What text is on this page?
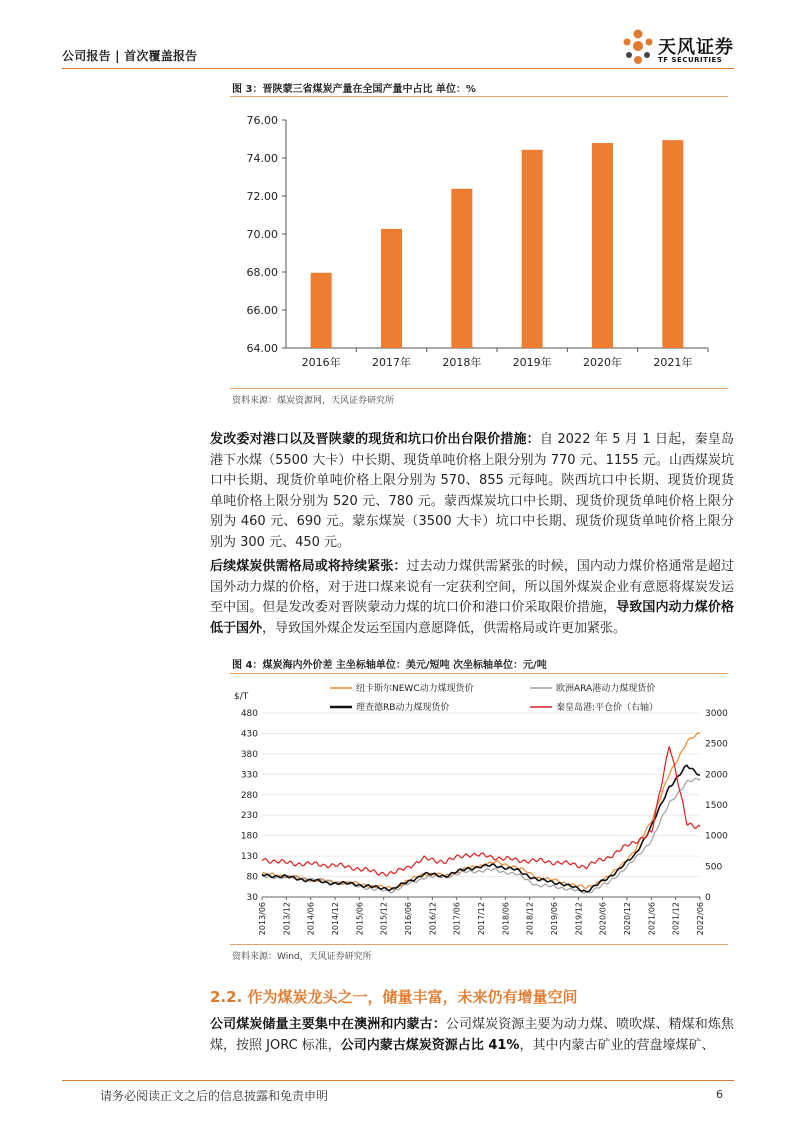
公司报告 | 首次覆盖报告	天风证券
TF SECURITIES
图 3：晋陕蒙三省煤炭产量在全国产量中占比 单位：%
64.00
66.00
68.00
70.00
72.00
74.00
76.00
2016年	2017年	2018年	2019年	2020年	2021年
资料来源：煤炭资源网，天风证券研究所
发改委对港口以及晋陕蒙的现货和坑口价出台限价措施：自 2022 年 5 月 1 日起，秦皇岛港下水煤（5500 大卡）中长期、现货单吨价格上限分别为 770 元、1155 元。山西煤炭坑口中长期、现货价单吨价格上限分别为 570、855 元每吨。陕西坑口中长期、现货价现货单吨价格上限分别为 520 元、780 元。蒙西煤炭坑口中长期、现货价现货单吨价格上限分别为 460 元、690 元。蒙东煤炭（3500 大卡）坑口中长期、现货价现货单吨价格上限分别为 300 元、450 元。
后续煤炭供需格局或将持续紧张：过去动力煤供需紧张的时候，国内动力煤价格通常是超过国外动力煤的价格，对于进口煤来说有一定获利空间，所以国外煤炭企业有意愿将煤炭发运至中国。但是发改委对晋陕蒙动力煤的坑口价和港口价采取限价措施，导致国内动力煤价格低于国外，导致国外煤企发运至国内意愿降低，供需格局或许更加紧张。
图 4：煤炭海内外价差 主坐标轴单位：美元/短吨 次坐标轴单位：元/吨
$/T
30
80
130
180
230
280
330
380
430
480
0
500
1000
1500
2000
2500
3000
2013/06 2013/12 2014/06 2014/12 2015/06 2015/12 2016/06 2016/12 2017/06 2017/12 2018/06 2018/12 2019/06 2019/12 2020/06 2020/12 2021/06 2021/12 2022/06
纽卡斯尔NEWC动力煤现货价	欧洲ARA港动力煤现货价
理查德RB动力煤现货价	秦皇岛港:平仓价（右轴）
资料来源：Wind，天风证券研究所
2.2. 作为煤炭龙头之一，储量丰富，未来仍有增量空间
公司煤炭储量主要集中在澳洲和内蒙古：公司煤炭资源主要为动力煤、喷吹煤、精煤和炼焦煤，按照 JORC 标准，公司内蒙古煤炭资源占比 41%，其中内蒙古矿业的营盘壕煤矿、
请务必阅读正文之后的信息披露和免责申明	6
